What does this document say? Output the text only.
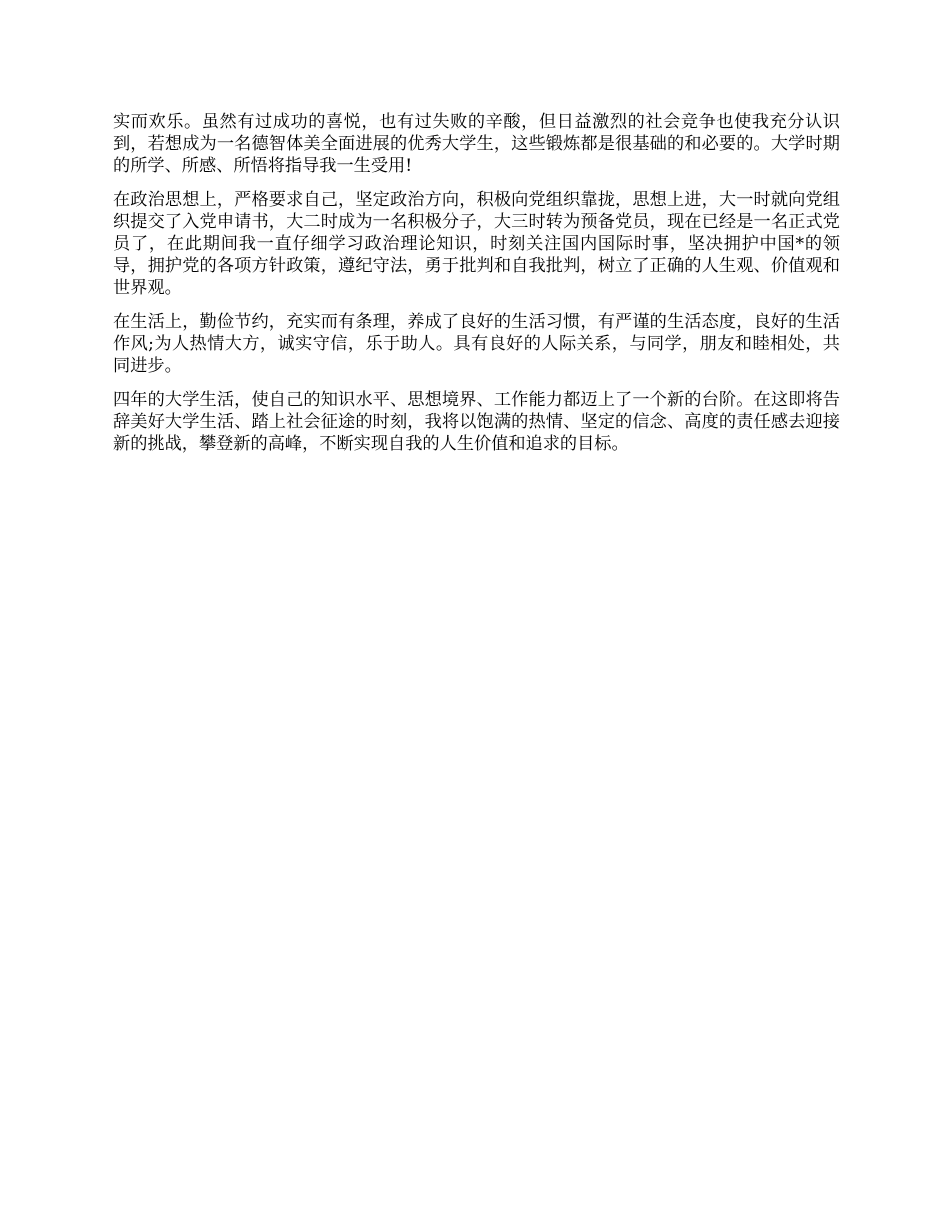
实而欢乐。虽然有过成功的喜悦，也有过失败的辛酸，但日益激烈的社会竞争也使我充分认识到，若想成为一名德智体美全面进展的优秀大学生，这些锻炼都是很基础的和必要的。大学时期的所学、所感、所悟将指导我一生受用!

在政治思想上，严格要求自己，坚定政治方向，积极向党组织靠拢，思想上进，大一时就向党组织提交了入党申请书，大二时成为一名积极分子，大三时转为预备党员，现在已经是一名正式党员了，在此期间我一直仔细学习政治理论知识，时刻关注国内国际时事，坚决拥护中国*的领导，拥护党的各项方针政策，遵纪守法，勇于批判和自我批判，树立了正确的人生观、价值观和世界观。

在生活上，勤俭节约，充实而有条理，养成了良好的生活习惯，有严谨的生活态度，良好的生活作风;为人热情大方，诚实守信，乐于助人。具有良好的人际关系，与同学，朋友和睦相处，共同进步。

四年的大学生活，使自己的知识水平、思想境界、工作能力都迈上了一个新的台阶。在这即将告辞美好大学生活、踏上社会征途的时刻，我将以饱满的热情、坚定的信念、高度的责任感去迎接新的挑战，攀登新的高峰，不断实现自我的人生价值和追求的目标。
